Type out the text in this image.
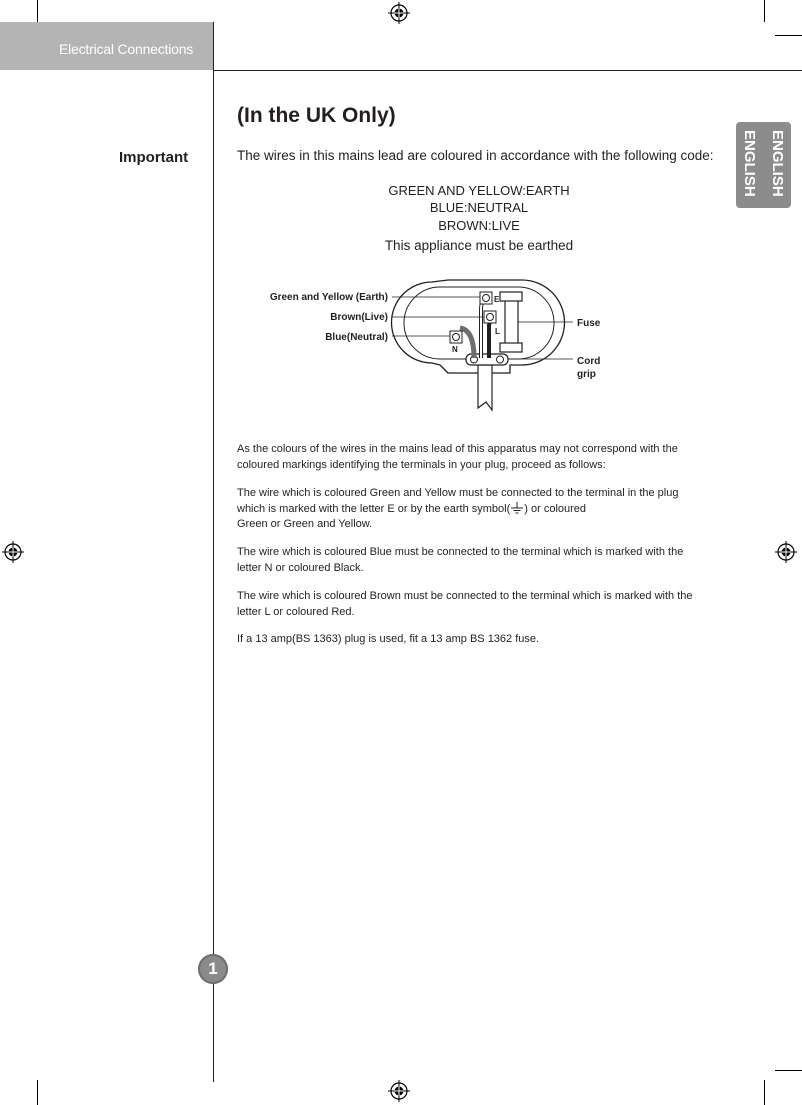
Electrical Connections
ENGLISH ENGLISH
(In the UK Only)
Important	The wires in this mains lead are coloured in accordance with the following code:
GREEN AND YELLOW:EARTH
BLUE:NEUTRAL
BROWN:LIVE
This appliance must be earthed
E
L
N
Green and Yellow (Earth)
Brown(Live)
Blue(Neutral)
Fuse
Cord
grip
As the colours of the wires in the mains lead of this apparatus may not correspond with the
coloured markings identifying the terminals in your plug, proceed as follows:
The wire which is coloured Green and Yellow must be connected to the terminal in the plug
which is marked with the letter E or by the earth symbol( ) or coloured
Green or Green and Yellow.
The wire which is coloured Blue must be connected to the terminal which is marked with the
letter N or coloured Black.
The wire which is coloured Brown must be connected to the terminal which is marked with the
letter L or coloured Red.
If a 13 amp(BS 1363) plug is used, fit a 13 amp BS 1362 fuse.
1
